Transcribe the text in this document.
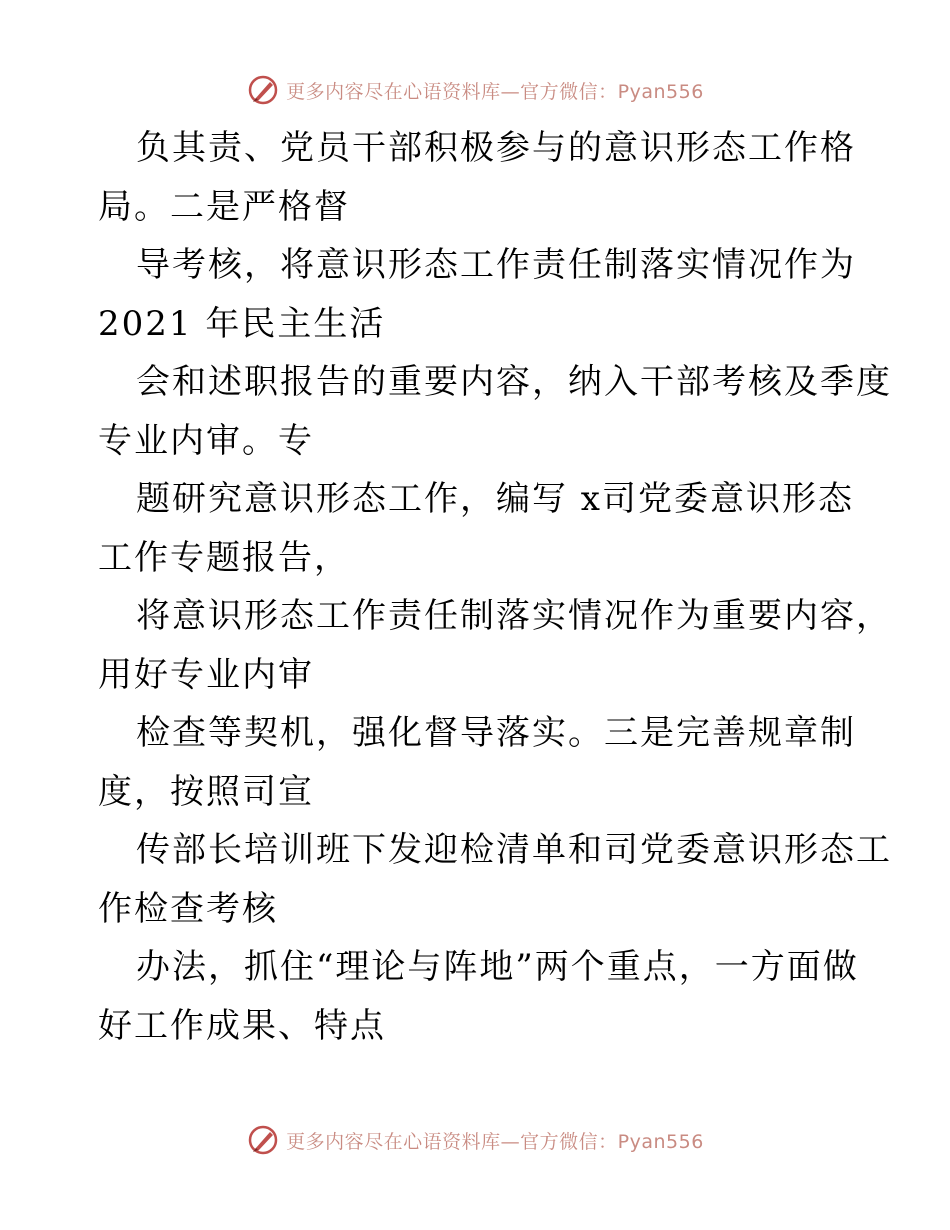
更多内容尽在心语资料库—官方微信：Pyan556
负其责、党员干部积极参与的意识形态工作格
局。二是严格督
导考核，将意识形态工作责任制落实情况作为
2021 年民主生活
会和述职报告的重要内容，纳入干部考核及季度
专业内审。专
题研究意识形态工作，编写 x司党委意识形态
工作专题报告，
将意识形态工作责任制落实情况作为重要内容，
用好专业内审
检查等契机，强化督导落实。三是完善规章制
度，按照司宣
传部长培训班下发迎检清单和司党委意识形态工
作检查考核
办法，抓住“理论与阵地”两个重点，一方面做
好工作成果、特点
更多内容尽在心语资料库—官方微信：Pyan556
